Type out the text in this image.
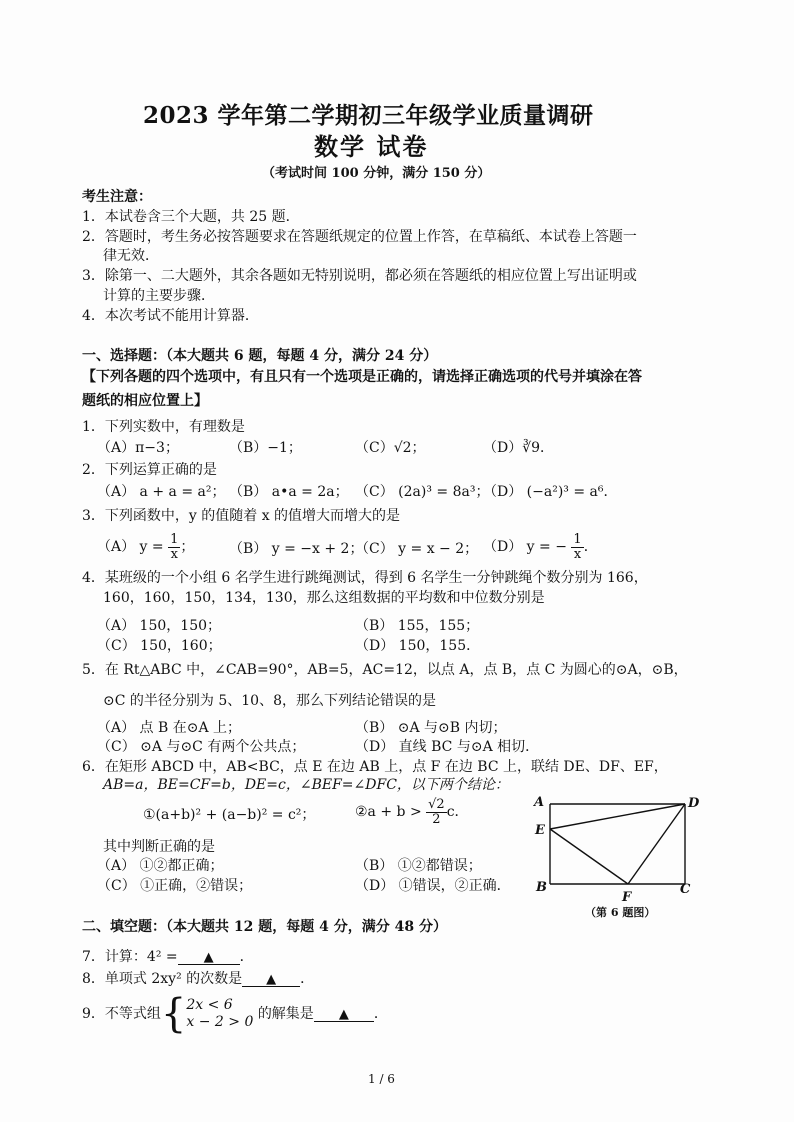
2023 学年第二学期初三年级学业质量调研
数学 试卷
（考试时间 100 分钟，满分 150 分）
考生注意：
1．本试卷含三个大题，共 25 题．
2．答题时，考生务必按答题要求在答题纸规定的位置上作答，在草稿纸、本试卷上答题一
律无效．
3．除第一、二大题外，其余各题如无特别说明，都必须在答题纸的相应位置上写出证明或
计算的主要步骤．
4．本次考试不能用计算器．
一、选择题：（本大题共 6 题，每题 4 分，满分 24 分）
【下列各题的四个选项中，有且只有一个选项是正确的，请选择正确选项的代号并填涂在答
题纸的相应位置上】
1．下列实数中，有理数是
（A）π−3；	（B）−1；	（C）√2；	（D）∛9．
2．下列运算正确的是
（A） a + a = a²； （B） a•a = 2a； （C） (2a)³ = 8a³；
（D） (−a²)³ = a⁶．
3．下列函数中，y 的值随着 x 的值增大而增大的是
（A） $y = \frac{1}{x}$ ； （B） y = −x + 2；
（C） y = x − 2； （D） y = − $\frac{1}{x}$ ．
4．某班级的一个小组 6 名学生进行跳绳测试，得到 6 名学生一分钟跳绳个数分别为 166，
160，160，150，134，130，那么这组数据的平均数和中位数分别是
（A） 150，150；	（B） 155，155；
（C） 150，160；	（D） 150，155．
5．在 Rt△ABC 中，∠CAB=90°，AB=5，AC=12，以点 A，点 B，点 C 为圆心的⊙A，⊙B，
⊙C 的半径分别为 5、10、8，那么下列结论错误的是
（A） 点 B 在⊙A 上；	（B） ⊙A 与⊙B 内切；
（C） ⊙A 与⊙C 有两个公共点；	（D） 直线 BC 与⊙A 相切．
6．在矩形 ABCD 中，AB<BC，点 E 在边 AB 上，点 F 在边 BC 上，联结 DE、DF、EF，
AB=a，BE=CF=b，DE=c，∠BEF=∠DFC，以下两个结论：
①(a+b)² + (a−b)² = c²；	②a + $b > \frac{√2}{2}$ c．
其中判断正确的是
（A） ①②都正确；	（B） ①②都错误；
（C） ①正确，②错误；	（D） ①错误，②正确．
A	D
E
B
F
C
（第 6 题图）
二、填空题：（本大题共 12 题，每题 4 分，满分 48 分）
7．计算：4² = ▲ ．
8．单项式 2xy² 的次数是 ▲ ．
9．不等式组{ 2x < 6
x − 2 > 0 的解集是 ▲ ．
1 / 6
